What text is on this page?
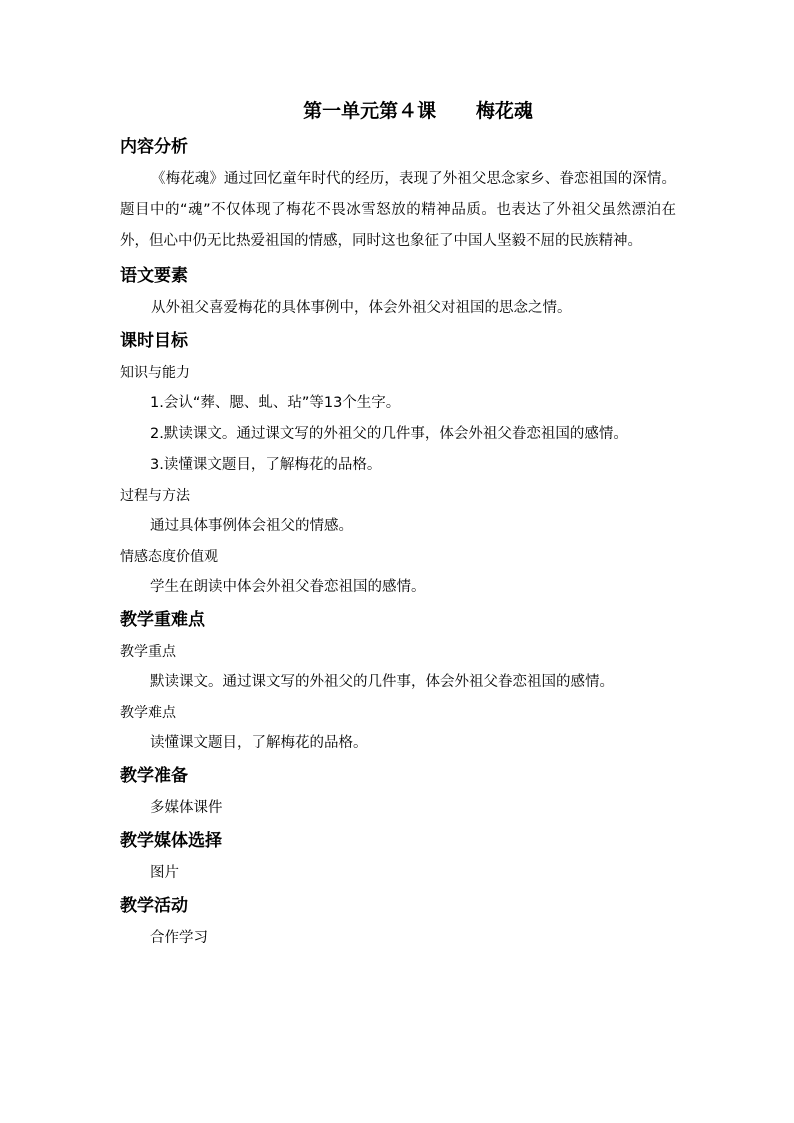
第一单元第４课      梅花魂

内容分析

《梅花魂》通过回忆童年时代的经历，表现了外祖父思念家乡、眷恋祖国的深情。题目中的“魂”不仅体现了梅花不畏冰雪怒放的精神品质。也表达了外祖父虽然漂泊在外，但心中仍无比热爱祖国的情感，同时这也象征了中国人坚毅不屈的民族精神。

语文要素

从外祖父喜爱梅花的具体事例中，体会外祖父对祖国的思念之情。

课时目标

知识与能力

1.会认“葬、腮、虬、玷”等13个生字。

2.默读课文。通过课文写的外祖父的几件事，体会外祖父眷恋祖国的感情。

3.读懂课文题目，了解梅花的品格。

过程与方法

通过具体事例体会祖父的情感。

情感态度价值观

学生在朗读中体会外祖父眷恋祖国的感情。

教学重难点

教学重点

默读课文。通过课文写的外祖父的几件事，体会外祖父眷恋祖国的感情。

教学难点

读懂课文题目，了解梅花的品格。

教学准备

多媒体课件

教学媒体选择

图片

教学活动

合作学习
